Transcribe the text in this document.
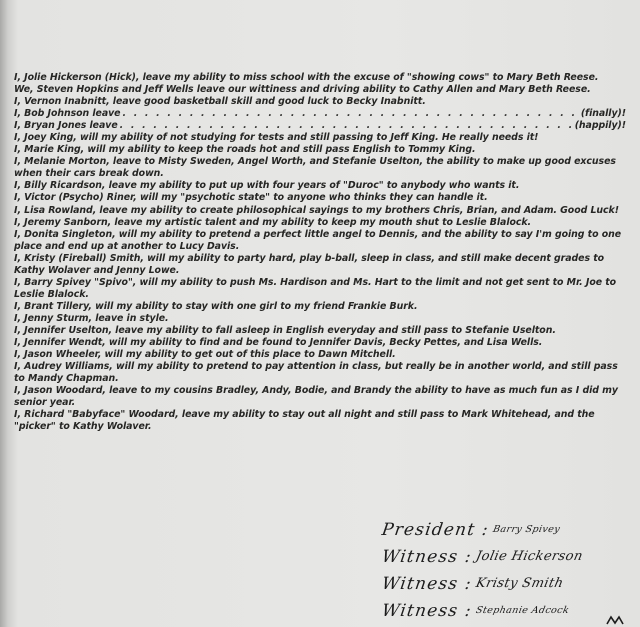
I, Jolie Hickerson (Hick), leave my ability to miss school with the excuse of "showing cows" to Mary Beth Reese.

We, Steven Hopkins and Jeff Wells leave our wittiness and driving ability to Cathy Allen and Mary Beth Reese.

I, Vernon Inabnitt, leave good basketball skill and good luck to Becky Inabnitt.

I, Bob Johnson leave . . .	(finally)!

I, Bryan Jones leave . . .	(happily)!

I, Joey King, will my ability of not studying for tests and still passing to Jeff King. He really needs it!

I, Marie King, will my ability to keep the roads hot and still pass English to Tommy King.

I, Melanie Morton, leave to Misty Sweden, Angel Worth, and Stefanie Uselton, the ability to make up good excuses when their cars break down.

I, Billy Ricardson, leave my ability to put up with four years of "Duroc" to anybody who wants it.

I, Victor (Psycho) Riner, will my "psychotic state" to anyone who thinks they can handle it.

I, Lisa Rowland, leave my ability to create philosophical sayings to my brothers Chris, Brian, and Adam. Good Luck!

I, Jeremy Sanborn, leave my artistic talent and my ability to keep my mouth shut to Leslie Blalock.

I, Donita Singleton, will my ability to pretend a perfect little angel to Dennis, and the ability to say I'm going to one place and end up at another to Lucy Davis.

I, Kristy (Fireball) Smith, will my ability to party hard, play b-ball, sleep in class, and still make decent grades to Kathy Wolaver and Jenny Lowe.

I, Barry Spivey "Spivo", will my ability to push Ms. Hardison and Ms. Hart to the limit and not get sent to Mr. Joe to Leslie Blalock.

I, Brant Tillery, will my ability to stay with one girl to my friend Frankie Burk.

I, Jenny Sturm, leave in style.

I, Jennifer Uselton, leave my ability to fall asleep in English everyday and still pass to Stefanie Uselton.

I, Jennifer Wendt, will my ability to find and be found to Jennifer Davis, Becky Pettes, and Lisa Wells.

I, Jason Wheeler, will my ability to get out of this place to Dawn Mitchell.

I, Audrey Williams, will my ability to pretend to pay attention in class, but really be in another world, and still pass to Mandy Chapman.

I, Jason Woodard, leave to my cousins Bradley, Andy, Bodie, and Brandy the ability to have as much fun as I did my senior year.

I, Richard "Babyface" Woodard, leave my ability to stay out all night and still pass to Mark Whitehead, and the "picker" to Kathy Wolaver.

President : Barry Spivey
Witness : Jolie Hickerson
Witness : Kristy Smith
Witness : Stephanie Adcock
